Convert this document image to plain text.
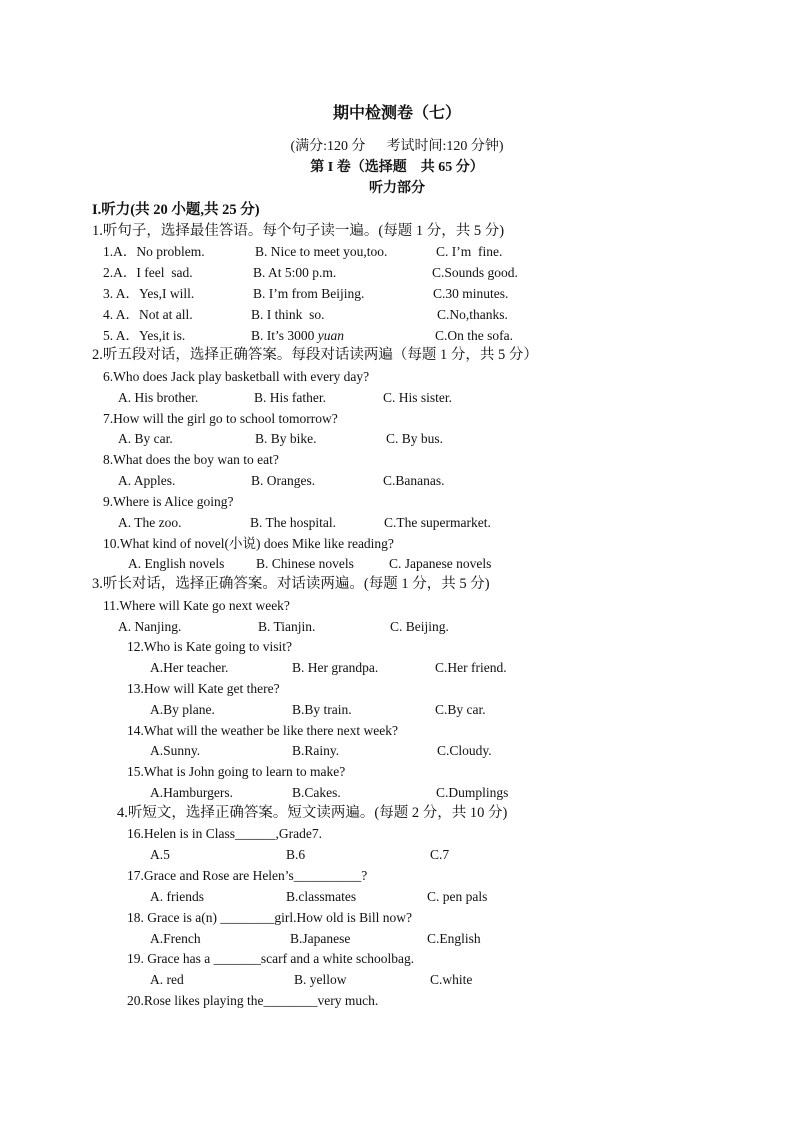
期中检测卷（七）
(满分:120 分      考试时间:120 分钟)
第 I 卷（选择题    共 65 分）
听力部分
I.听力(共 20 小题,共 25 分)
1.听句子，选择最佳答语。每个句子读一遍。(每题 1 分，共 5 分)
1.A．No problem.	B. Nice to meet you,too.	C. I’m  fine.
2.A．I feel  sad.	B. At 5:00 p.m.	C.Sounds good.
3. A．Yes,I will.	B. I’m from Beijing.	C.30 minutes.
4. A．Not at all.	B. I think  so.	C.No,thanks.
5. A．Yes,it is.	B. It’s 3000 yuan	C.On the sofa.
2.听五段对话，选择正确答案。每段对话读两遍（每题 1 分，共 5 分）
6.Who does Jack play basketball with every day?
A. His brother.	B. His father.	C. His sister.
7.How will the girl go to school tomorrow?
A. By car.	B. By bike.	C. By bus.
8.What does the boy wan to eat?
A. Apples.	B. Oranges.	C.Bananas.
9.Where is Alice going?
A. The zoo.	B. The hospital.	C.The supermarket.
10.What kind of novel(小说) does Mike like reading?
A. English novels B. Chinese novels	C. Japanese novels
3.听长对话，选择正确答案。对话读两遍。(每题 1 分，共 5 分)
11.Where will Kate go next week?
A. Nanjing.	B. Tianjin.	C. Beijing.
12.Who is Kate going to visit?
A.Her teacher.	B. Her grandpa.	C.Her friend.
13.How will Kate get there?
A.By plane.	B.By train.	C.By car.
14.What will the weather be like there next week?
A.Sunny.	B.Rainy.	C.Cloudy.
15.What is John going to learn to make?
A.Hamburgers.	B.Cakes.	C.Dumplings
4.听短文，选择正确答案。短文读两遍。(每题 2 分，共 10 分)
16.Helen is in Class______,Grade7.
A.5	B.6	C.7
17.Grace and Rose are Helen’s__________?
A. friends	B.classmates	C. pen pals
18. Grace is a(n) ________girl.How old is Bill now?
A.French	B.Japanese	C.English
19. Grace has a _______scarf and a white schoolbag.
A. red	B. yellow	C.white
20.Rose likes playing the________very much.
